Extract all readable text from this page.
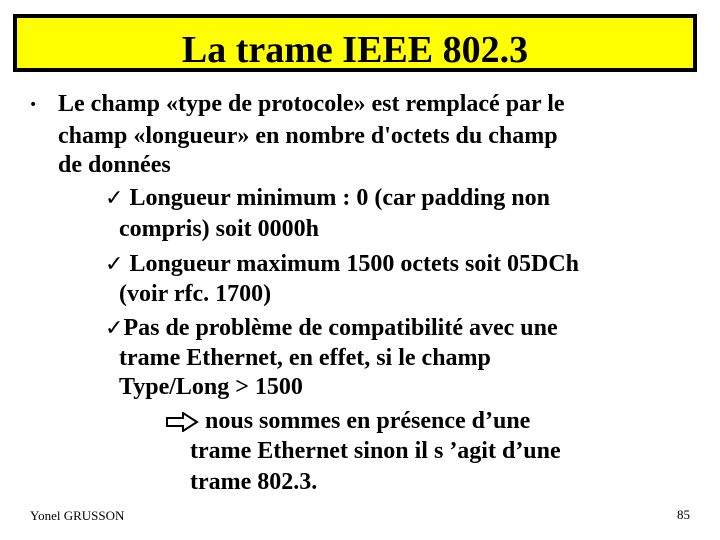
La trame IEEE 802.3
• Le champ «type de protocole» est remplacé par le
champ «longueur» en nombre d'octets du champ
de données
✓ Longueur minimum : 0 (car padding non
compris) soit 0000h
✓ Longueur maximum 1500 octets soit 05DCh
(voir rfc. 1700)
✓Pas de problème de compatibilité avec une
trame Ethernet, en effet, si le champ
Type/Long > 1500
nous sommes en présence d’une
trame Ethernet sinon il s ’agit d’une
trame 802.3.
Yonel GRUSSON	85
